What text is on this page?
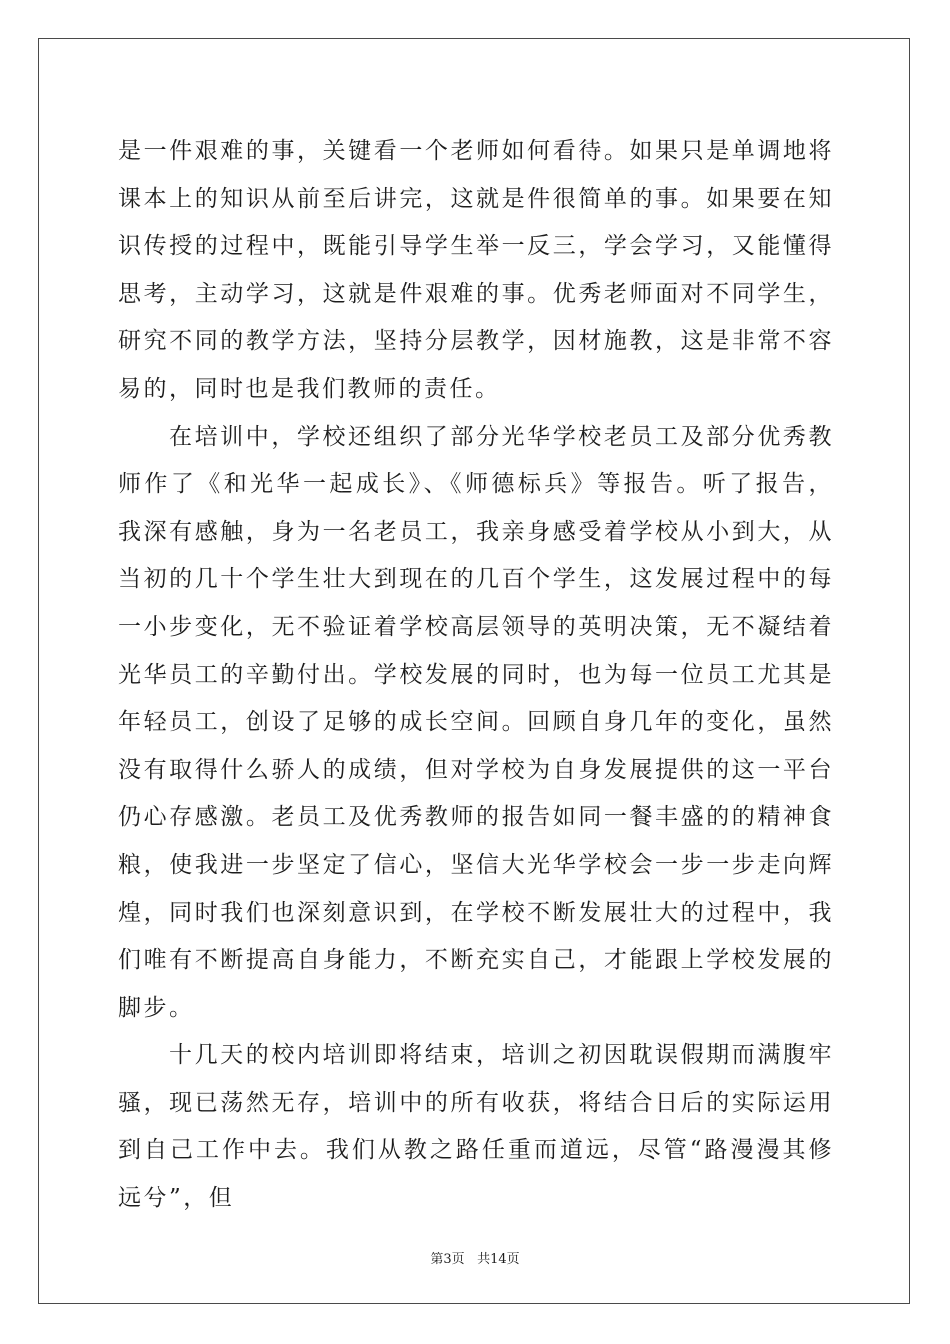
是一件艰难的事，关键看一个老师如何看待。如果只是单调地将课本上的知识从前至后讲完，这就是件很简单的事。如果要在知识传授的过程中，既能引导学生举一反三，学会学习，又能懂得思考，主动学习，这就是件艰难的事。优秀老师面对不同学生，研究不同的教学方法，坚持分层教学，因材施教，这是非常不容易的，同时也是我们教师的责任。

在培训中，学校还组织了部分光华学校老员工及部分优秀教师作了《和光华一起成长》、《师德标兵》等报告。听了报告，我深有感触，身为一名老员工，我亲身感受着学校从小到大，从当初的几十个学生壮大到现在的几百个学生，这发展过程中的每一小步变化，无不验证着学校高层领导的英明决策，无不凝结着光华员工的辛勤付出。学校发展的同时，也为每一位员工尤其是年轻员工，创设了足够的成长空间。回顾自身几年的变化，虽然没有取得什么骄人的成绩，但对学校为自身发展提供的这一平台仍心存感激。老员工及优秀教师的报告如同一餐丰盛的的精神食粮，使我进一步坚定了信心，坚信大光华学校会一步一步走向辉煌，同时我们也深刻意识到，在学校不断发展壮大的过程中，我们唯有不断提高自身能力，不断充实自己，才能跟上学校发展的脚步。

十几天的校内培训即将结束，培训之初因耽误假期而满腹牢骚，现已荡然无存，培训中的所有收获，将结合日后的实际运用到自己工作中去。我们从教之路任重而道远，尽管“路漫漫其修远兮”，但

第3页 共14页
